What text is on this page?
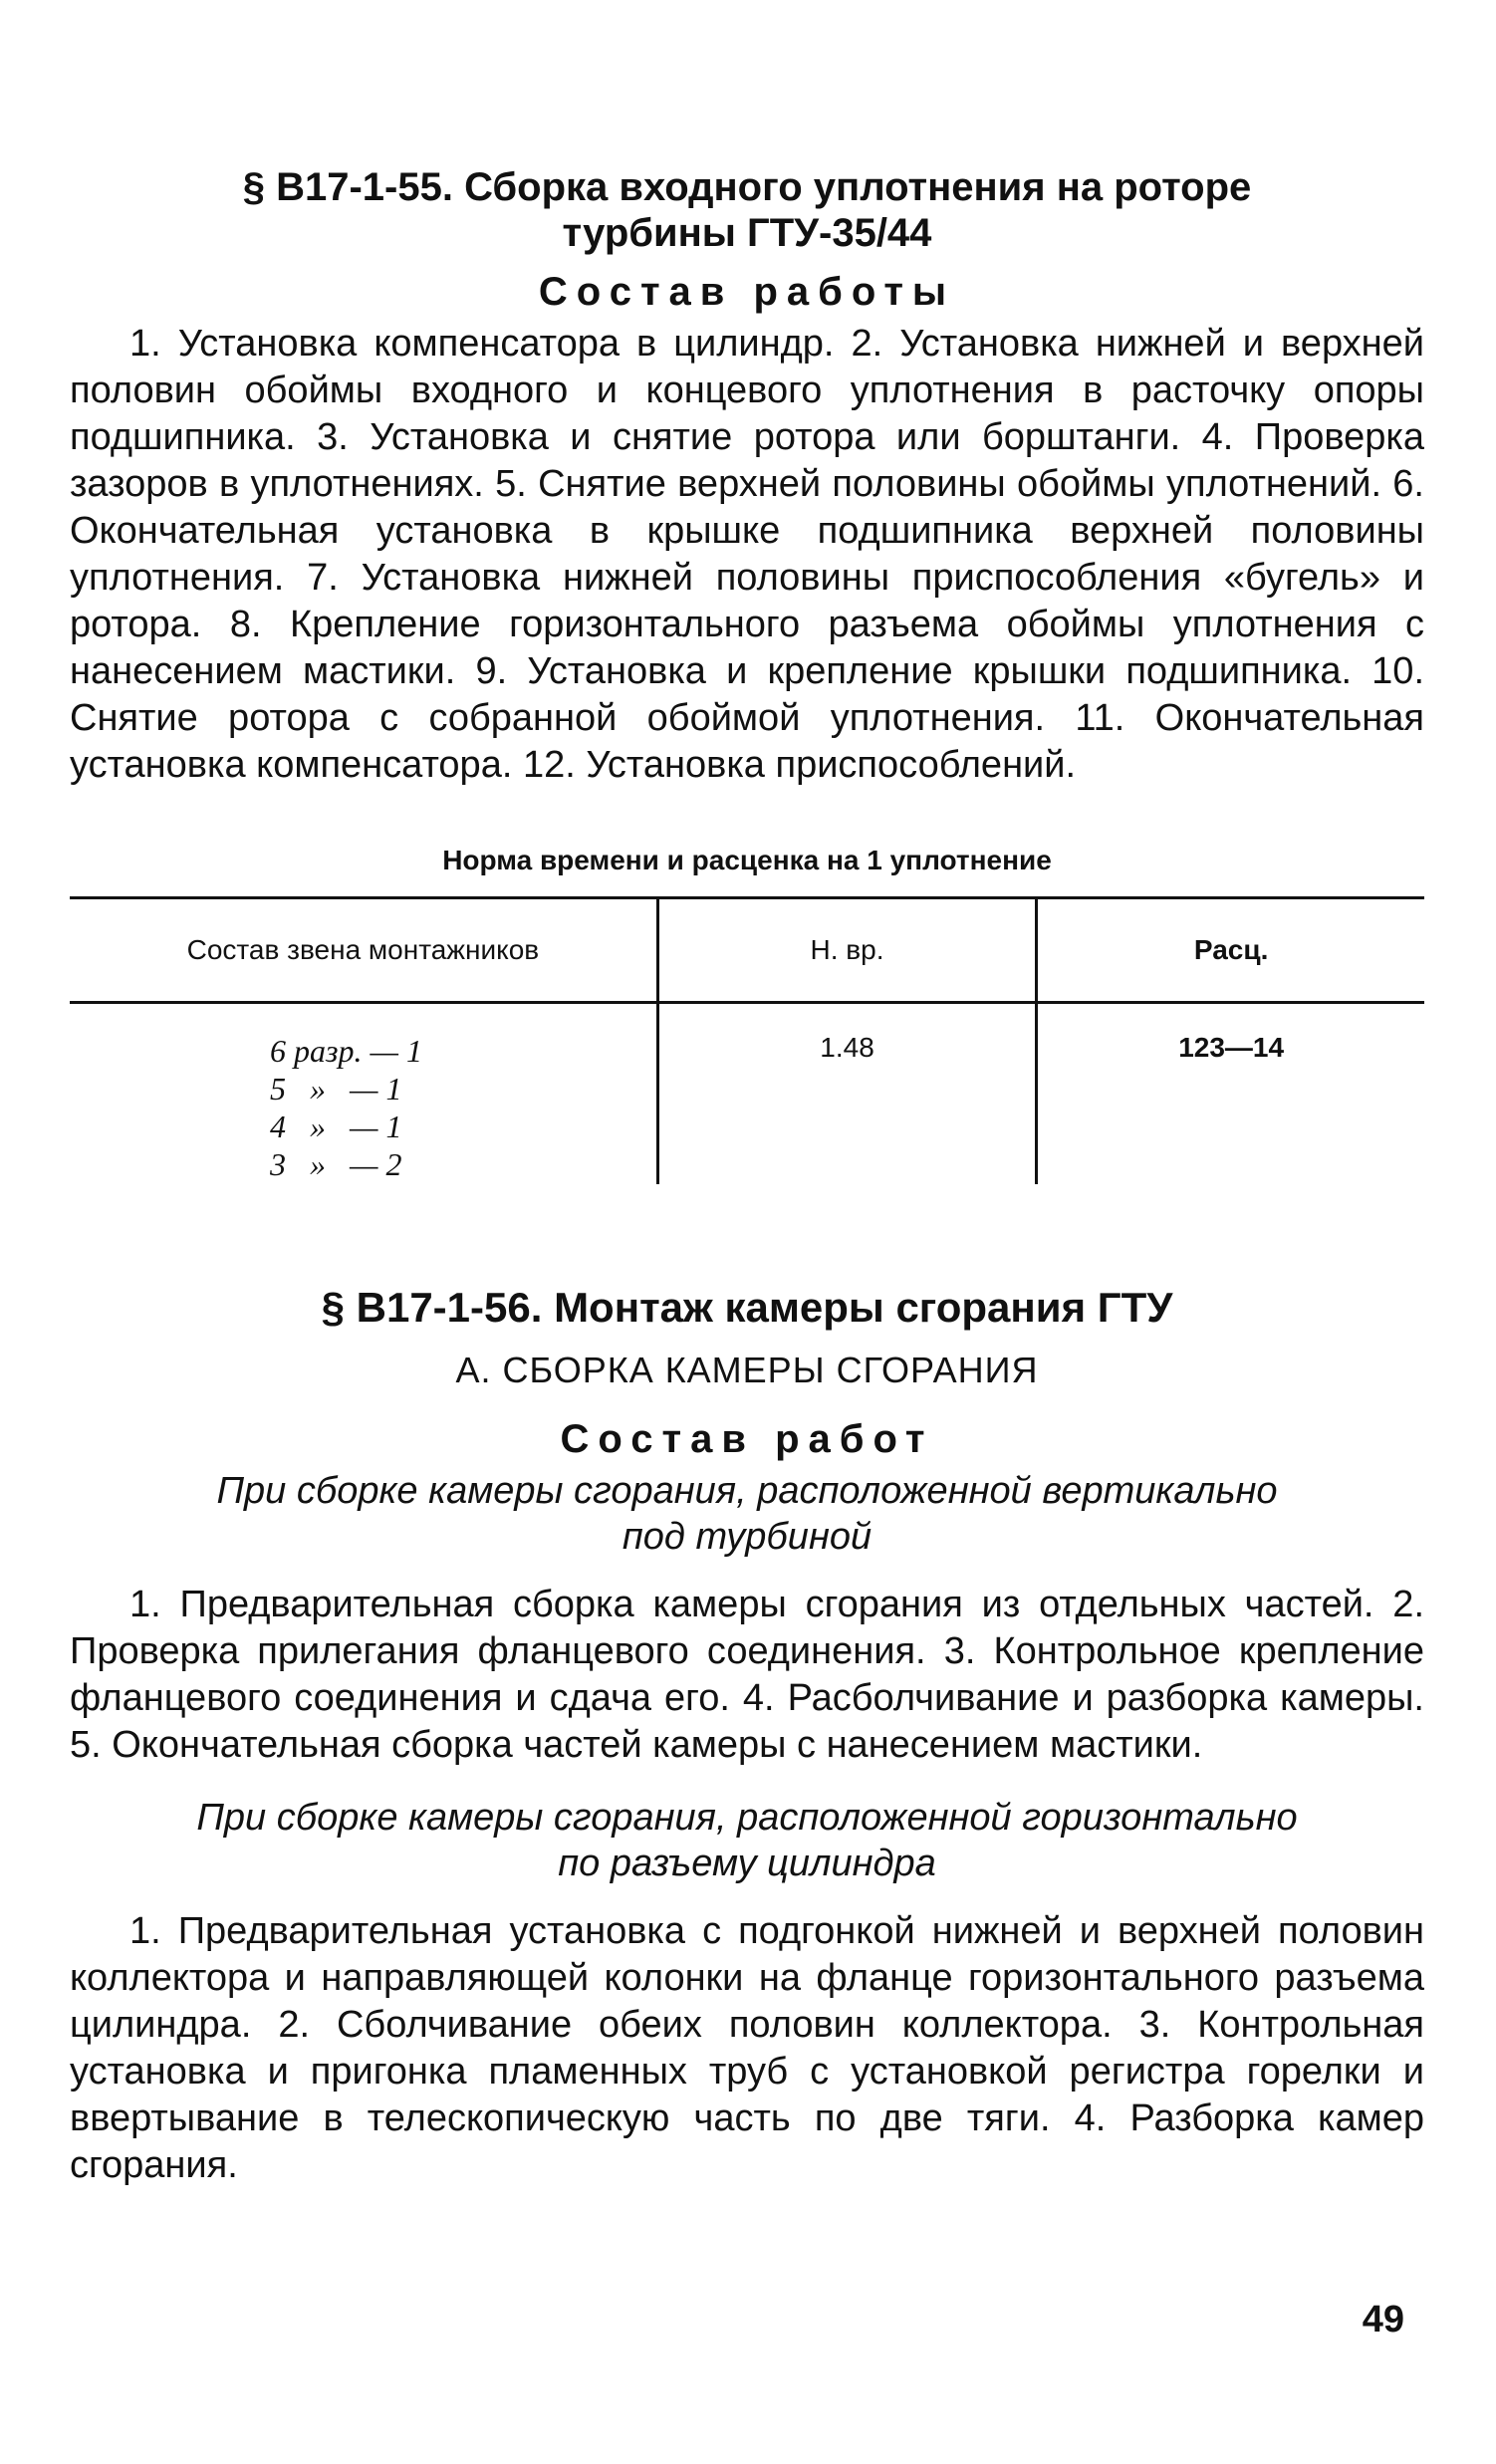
§ В17-1-55. Сборка входного уплотнения на роторе
турбины ГТУ-35/44

Состав работы

1. Установка компенсатора в цилиндр. 2. Установка нижней и верхней половин обоймы входного и концевого уплотнения в расточку опоры подшипника. 3. Установка и снятие ротора или борштанги. 4. Проверка зазоров в уплотнениях. 5. Снятие верхней половины обоймы уплотнений. 6. Окончательная установка в крышке подшипника верхней половины уплотнения. 7. Установка нижней половины приспособления «бугель» и ротора. 8. Крепление горизонтального разъема обоймы уплотнения с нанесением мастики. 9. Установка и крепление крышки подшипника. 10. Снятие ротора с собранной обоймой уплотнения. 11. Окончательная установка компенсатора. 12. Установка приспособлений.

Норма времени и расценка на 1 уплотнение

Состав звена монтажников	Н. вр.	Расц.

6 разр. — 1
5   »   — 1
4   »   — 1
3   »   — 2	1.48	123—14

§ В17-1-56. Монтаж камеры сгорания ГТУ

А. СБОРКА КАМЕРЫ СГОРАНИЯ

Состав работ

При сборке камеры сгорания, расположенной вертикально
под турбиной

1. Предварительная сборка камеры сгорания из отдельных частей. 2. Проверка прилегания фланцевого соединения. 3. Контрольное крепление фланцевого соединения и сдача его. 4. Расболчивание и разборка камеры. 5. Окончательная сборка частей камеры с нанесением мастики.

При сборке камеры сгорания, расположенной горизонтально
по разъему цилиндра

1. Предварительная установка с подгонкой нижней и верхней половин коллектора и направляющей колонки на фланце горизонтального разъема цилиндра. 2. Сболчивание обеих половин коллектора. 3. Контрольная установка и пригонка пламенных труб с установкой регистра горелки и ввертывание в телескопическую часть по две тяги. 4. Разборка камер сгорания.

49
